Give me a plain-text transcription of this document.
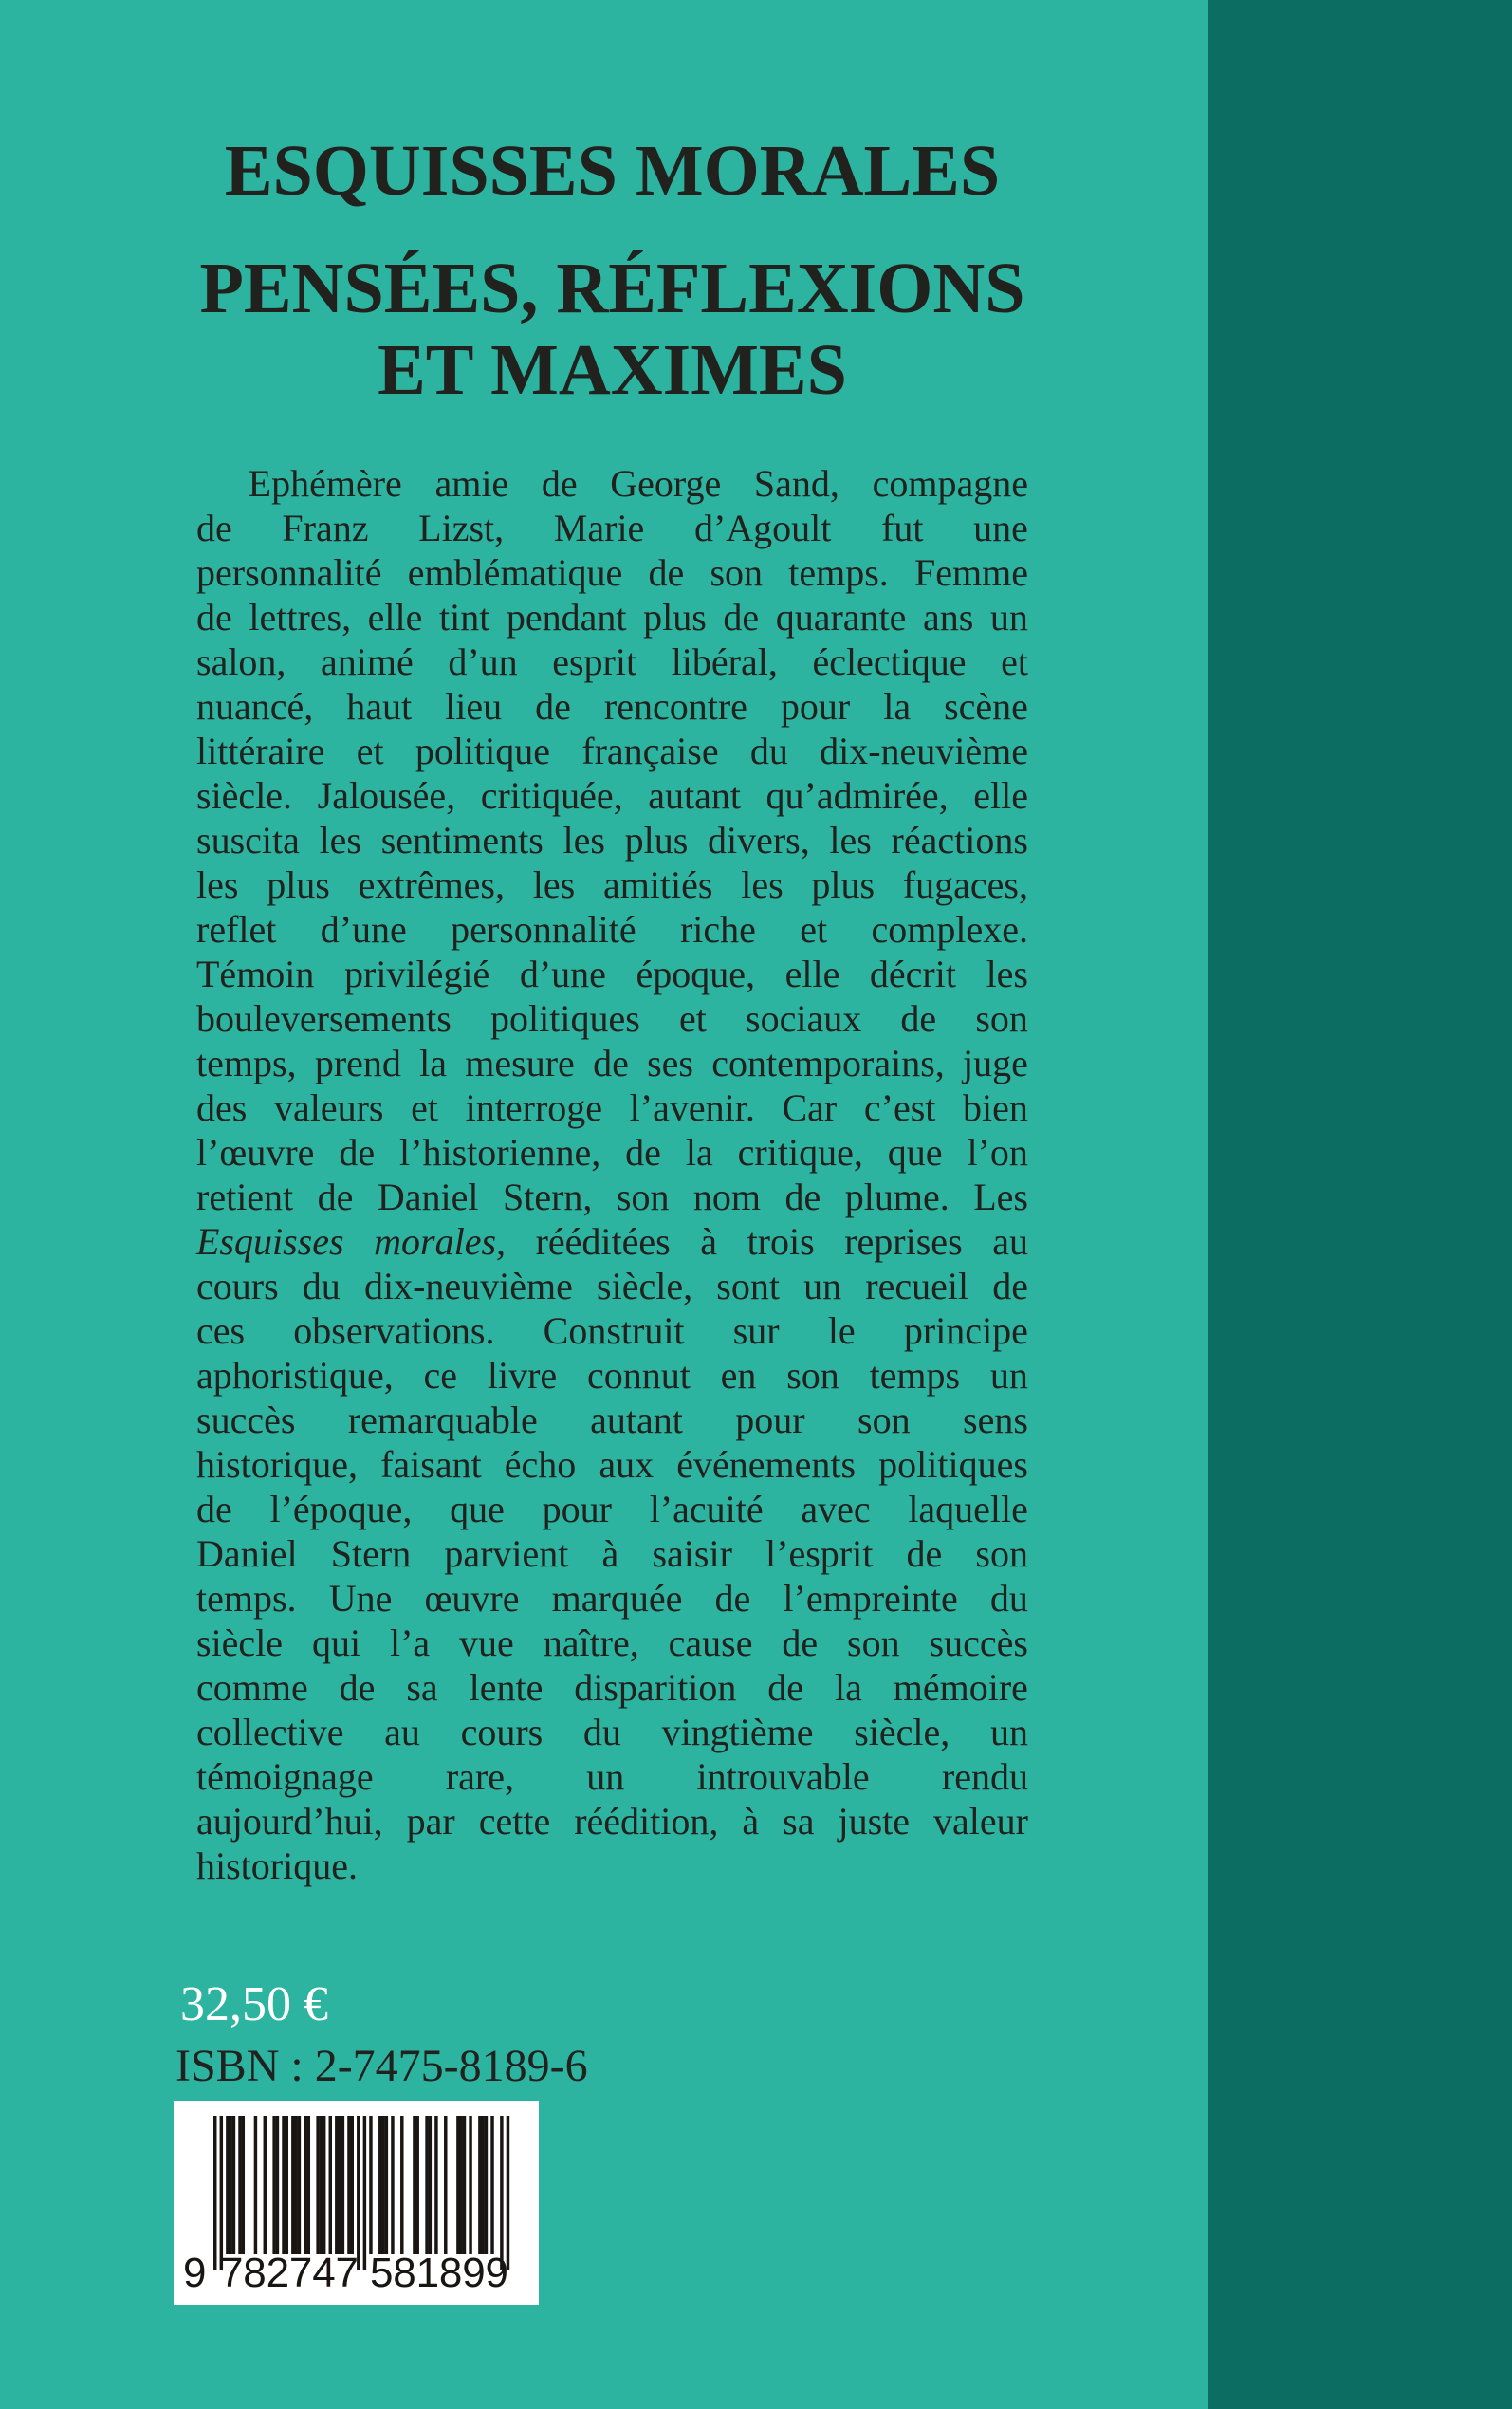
ESQUISSES MORALES
PENSÉES, RÉFLEXIONS
ET MAXIMES
Ephémère amie de George Sand, compagne
de Franz Lizst, Marie d’Agoult fut une
personnalité emblématique de son temps. Femme
de lettres, elle tint pendant plus de quarante ans un
salon, animé d’un esprit libéral, éclectique et
nuancé, haut lieu de rencontre pour la scène
littéraire et politique française du dix-neuvième
siècle. Jalousée, critiquée, autant qu’admirée, elle
suscita les sentiments les plus divers, les réactions
les plus extrêmes, les amitiés les plus fugaces,
reflet d’une personnalité riche et complexe.
Témoin privilégié d’une époque, elle décrit les
bouleversements politiques et sociaux de son
temps, prend la mesure de ses contemporains, juge
des valeurs et interroge l’avenir. Car c’est bien
l’œuvre de l’historienne, de la critique, que l’on
retient de Daniel Stern, son nom de plume. Les
Esquisses morales, rééditées à trois reprises au
cours du dix-neuvième siècle, sont un recueil de
ces observations. Construit sur le principe
aphoristique, ce livre connut en son temps un
succès remarquable autant pour son sens
historique, faisant écho aux événements politiques
de l’époque, que pour l’acuité avec laquelle
Daniel Stern parvient à saisir l’esprit de son
temps. Une œuvre marquée de l’empreinte du
siècle qui l’a vue naître, cause de son succès
comme de sa lente disparition de la mémoire
collective au cours du vingtième siècle, un
témoignage rare, un introuvable rendu
aujourd’hui, par cette réédition, à sa juste valeur
historique.
32,50 €
ISBN : 2-7475-8189-6
9 782747 581899
